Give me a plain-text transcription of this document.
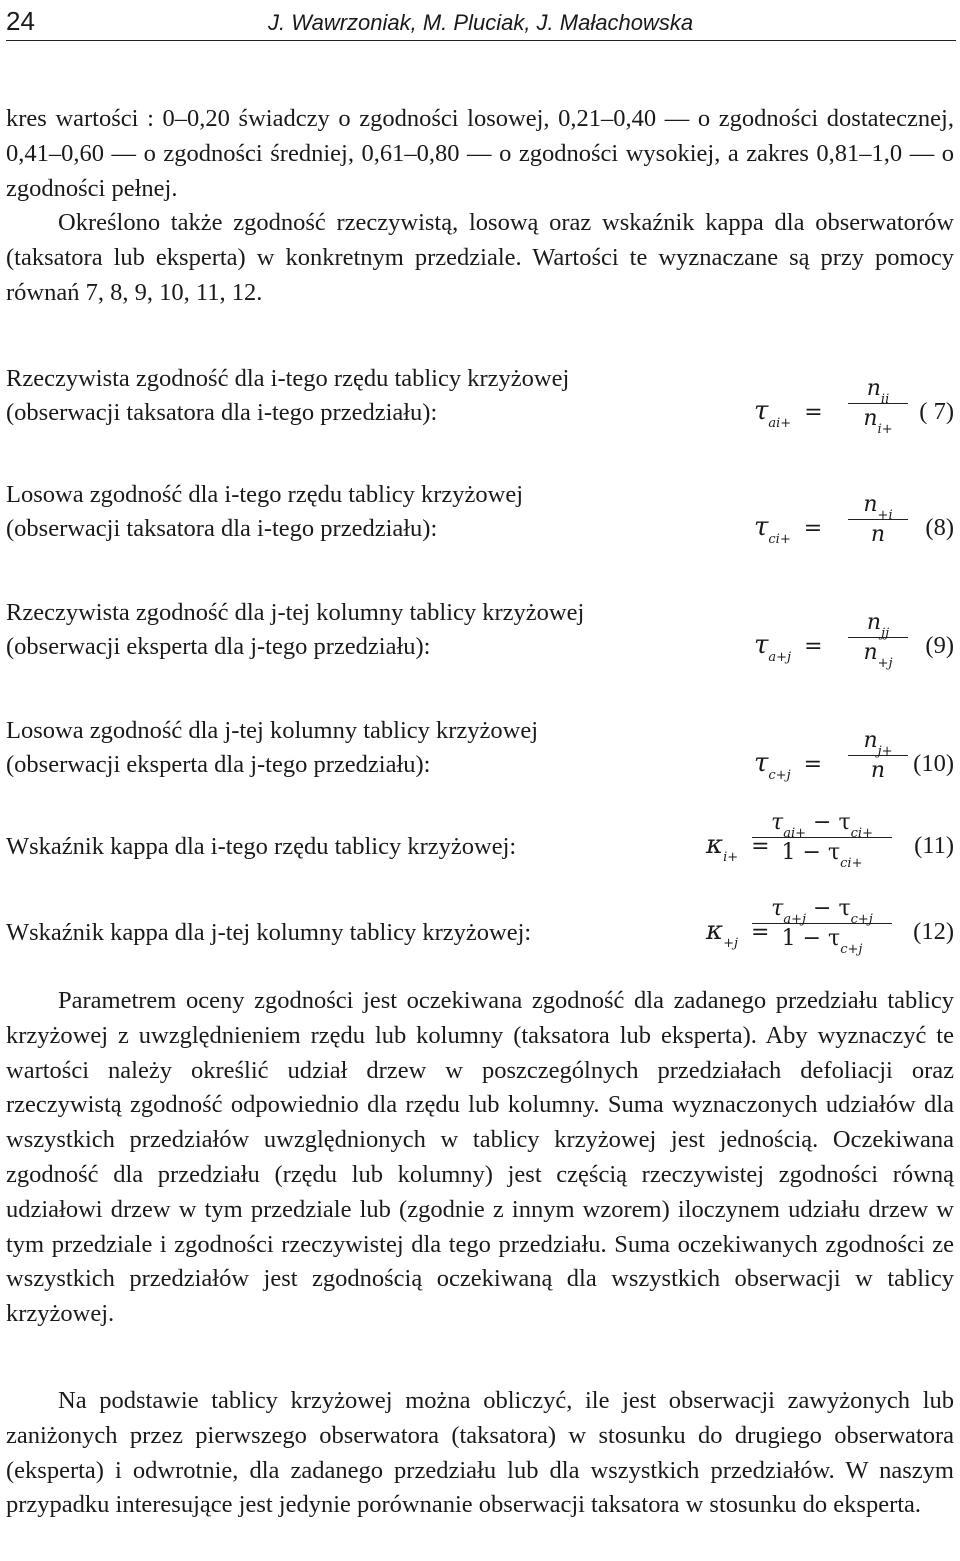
24	J. Wawrzoniak, M. Pluciak, J. Małachowska

kres wartości : 0–0,20 świadczy o zgodności losowej, 0,21–0,40 — o zgodności dostatecznej, 0,41–0,60 — o zgodności średniej, 0,61–0,80 — o zgodności wysokiej, a zakres 0,81–1,0 — o zgodności pełnej.

Określono także zgodność rzeczywistą, losową oraz wskaźnik kappa dla obserwatorów (taksatora lub eksperta) w konkretnym przedziale. Wartości te wyznaczane są przy pomocy równań 7, 8, 9, 10, 11, 12.

Rzeczywista zgodność dla i-tego rzędu tablicy krzyżowej
(obserwacji taksatora dla i-tego przedziału):	$\tau_{ai+}$ =
$n_{ii}$
$n_{i+}$
( 7)
Losowa zgodność dla i-tego rzędu tablicy krzyżowej
(obserwacji taksatora dla i-tego przedziału):	$\tau_{ci+}$ =
$n_{+i}$
n	(8)
Rzeczywista zgodność dla j-tej kolumny tablicy krzyżowej
(obserwacji eksperta dla j-tego przedziału):	$\tau_{a+j}$ =
$n_{jj}$
$n_{+j}$
(9)
Losowa zgodność dla j-tej kolumny tablicy krzyżowej
(obserwacji eksperta dla j-tego przedziału):	$\tau_{c+j}$ =
$n_{j+}$
n	(10)
Wskaźnik kappa dla i-tego rzędu tablicy krzyżowej:	$\kappa_{i+}$ =
$\tau_{ai+} - \tau_{ci+}$
$1 - \tau_{ci+}$
(11)
Wskaźnik kappa dla j-tej kolumny tablicy krzyżowej:	$\kappa_{+j}$ =
$\tau_{a+j} - \tau_{c+j}$
$1 - \tau_{c+j}$
(12)

Parametrem oceny zgodności jest oczekiwana zgodność dla zadanego przedziału tablicy krzyżowej z uwzględnieniem rzędu lub kolumny (taksatora lub eksperta). Aby wyznaczyć te wartości należy określić udział drzew w poszczególnych przedziałach defoliacji oraz rzeczywistą zgodność odpowiednio dla rzędu lub kolumny. Suma wyznaczonych udziałów dla wszystkich przedziałów uwzględnionych w tablicy krzyżowej jest jednością. Oczekiwana zgodność dla przedziału (rzędu lub kolumny) jest częścią rzeczywistej zgodności równą udziałowi drzew w tym przedziale lub (zgodnie z innym wzorem) iloczynem udziału drzew w tym przedziale i zgodności rzeczywistej dla tego przedziału. Suma oczekiwanych zgodności ze wszystkich przedziałów jest zgodnością oczekiwaną dla wszystkich obserwacji w tablicy krzyżowej.

Na podstawie tablicy krzyżowej można obliczyć, ile jest obserwacji zawyżonych lub zaniżonych przez pierwszego obserwatora (taksatora) w stosunku do drugiego obserwatora (eksperta) i odwrotnie, dla zadanego przedziału lub dla wszystkich przedziałów. W naszym przypadku interesujące jest jedynie porównanie obserwacji taksatora w stosunku do eksperta.
